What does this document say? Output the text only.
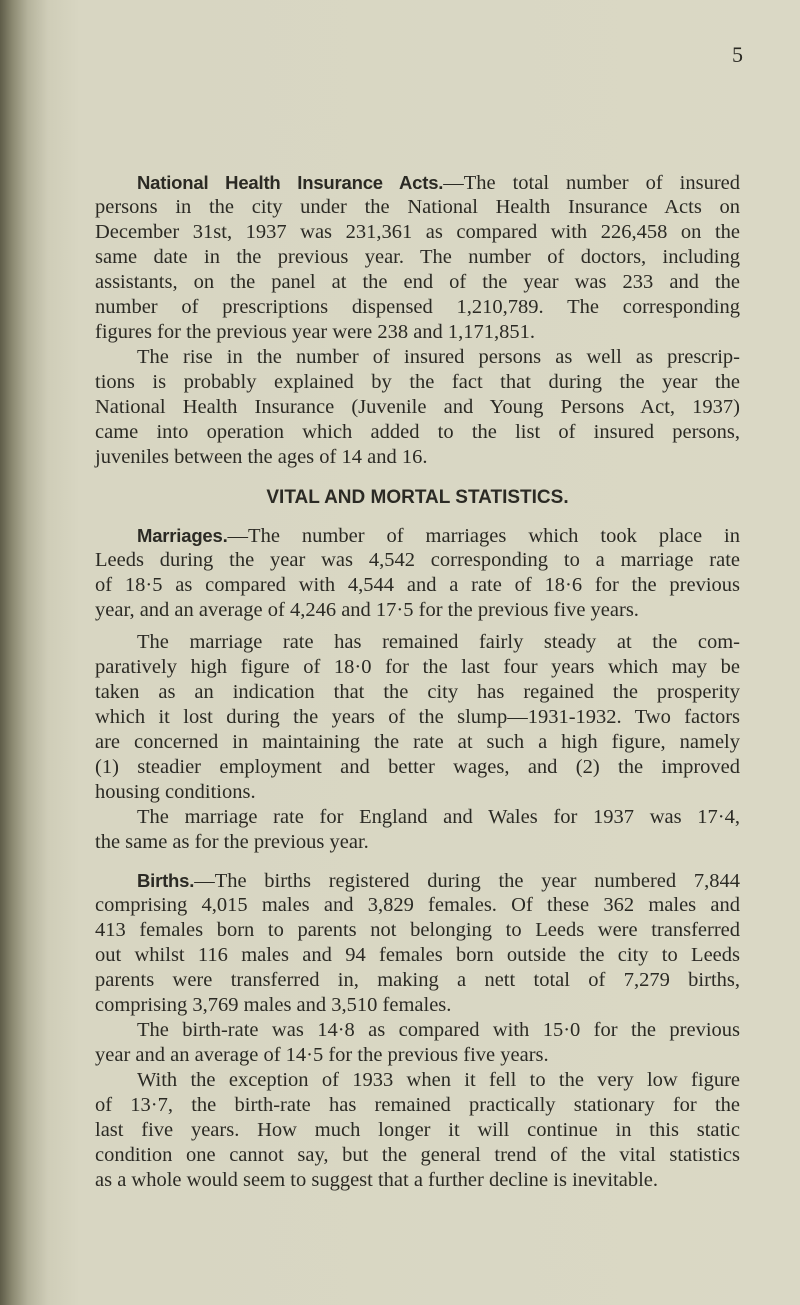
5
National Health Insurance Acts.—The total number of insured
persons in the city under the National Health Insurance Acts on
December 31st, 1937 was 231,361 as compared with 226,458 on the
same date in the previous year. The number of doctors, including
assistants, on the panel at the end of the year was 233 and the
number of prescriptions dispensed 1,210,789. The corresponding
figures for the previous year were 238 and 1,171,851.
The rise in the number of insured persons as well as prescrip-
tions is probably explained by the fact that during the year the
National Health Insurance (Juvenile and Young Persons Act, 1937)
came into operation which added to the list of insured persons,
juveniles between the ages of 14 and 16.
VITAL AND MORTAL STATISTICS.
Marriages.—The number of marriages which took place in
Leeds during the year was 4,542 corresponding to a marriage rate
of 18·5 as compared with 4,544 and a rate of 18·6 for the previous
year, and an average of 4,246 and 17·5 for the previous five years.
The marriage rate has remained fairly steady at the com-
paratively high figure of 18·0 for the last four years which may be
taken as an indication that the city has regained the prosperity
which it lost during the years of the slump—1931-1932. Two factors
are concerned in maintaining the rate at such a high figure, namely
(1) steadier employment and better wages, and (2) the improved
housing conditions.
The marriage rate for England and Wales for 1937 was 17·4,
the same as for the previous year.
Births.—The births registered during the year numbered 7,844
comprising 4,015 males and 3,829 females. Of these 362 males and
413 females born to parents not belonging to Leeds were transferred
out whilst 116 males and 94 females born outside the city to Leeds
parents were transferred in, making a nett total of 7,279 births,
comprising 3,769 males and 3,510 females.
The birth-rate was 14·8 as compared with 15·0 for the previous
year and an average of 14·5 for the previous five years.
With the exception of 1933 when it fell to the very low figure
of 13·7, the birth-rate has remained practically stationary for the
last five years. How much longer it will continue in this static
condition one cannot say, but the general trend of the vital statistics
as a whole would seem to suggest that a further decline is inevitable.
